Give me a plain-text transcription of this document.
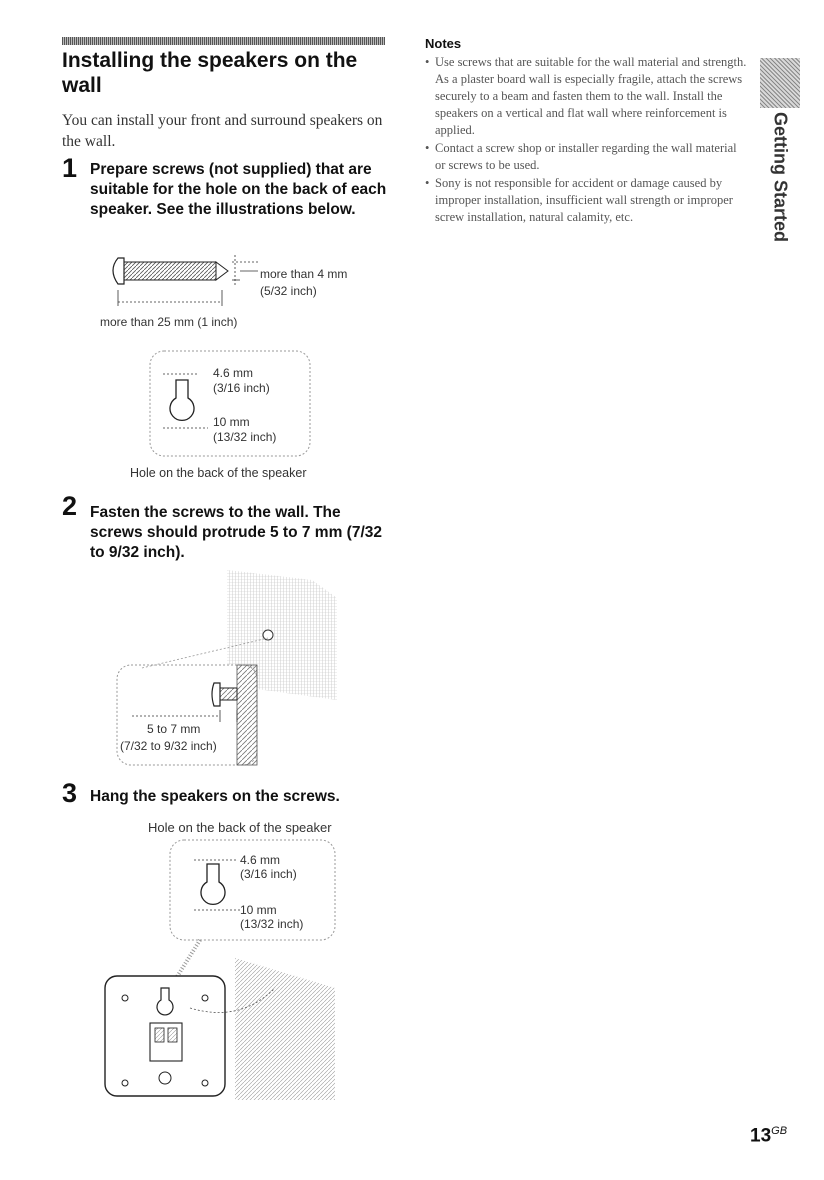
Installing the speakers on the wall
You can install your front and surround speakers on the wall.
1 Prepare screws (not supplied) that are suitable for the hole on the back of each speaker. See the illustrations below.
more than 4 mm
(5/32 inch)
more than 25 mm (1 inch)
4.6 mm
(3/16 inch)
10 mm
(13/32 inch)
Hole on the back of the speaker
2 Fasten the screws to the wall. The screws should protrude 5 to 7 mm (7/32 to 9/32 inch).
5 to 7 mm
(7/32 to 9/32 inch)
3 Hang the speakers on the screws.
Hole on the back of the speaker
4.6 mm
(3/16 inch)
10 mm
(13/32 inch)
Notes
• Use screws that are suitable for the wall material and strength. As a plaster board wall is especially fragile, attach the screws securely to a beam and fasten them to the wall. Install the speakers on a vertical and flat wall where reinforcement is applied.
• Contact a screw shop or installer regarding the wall material or screws to be used.
• Sony is not responsible for accident or damage caused by improper installation, insufficient wall strength or improper screw installation, natural calamity, etc.	Getting Started
$13^{GB}$
